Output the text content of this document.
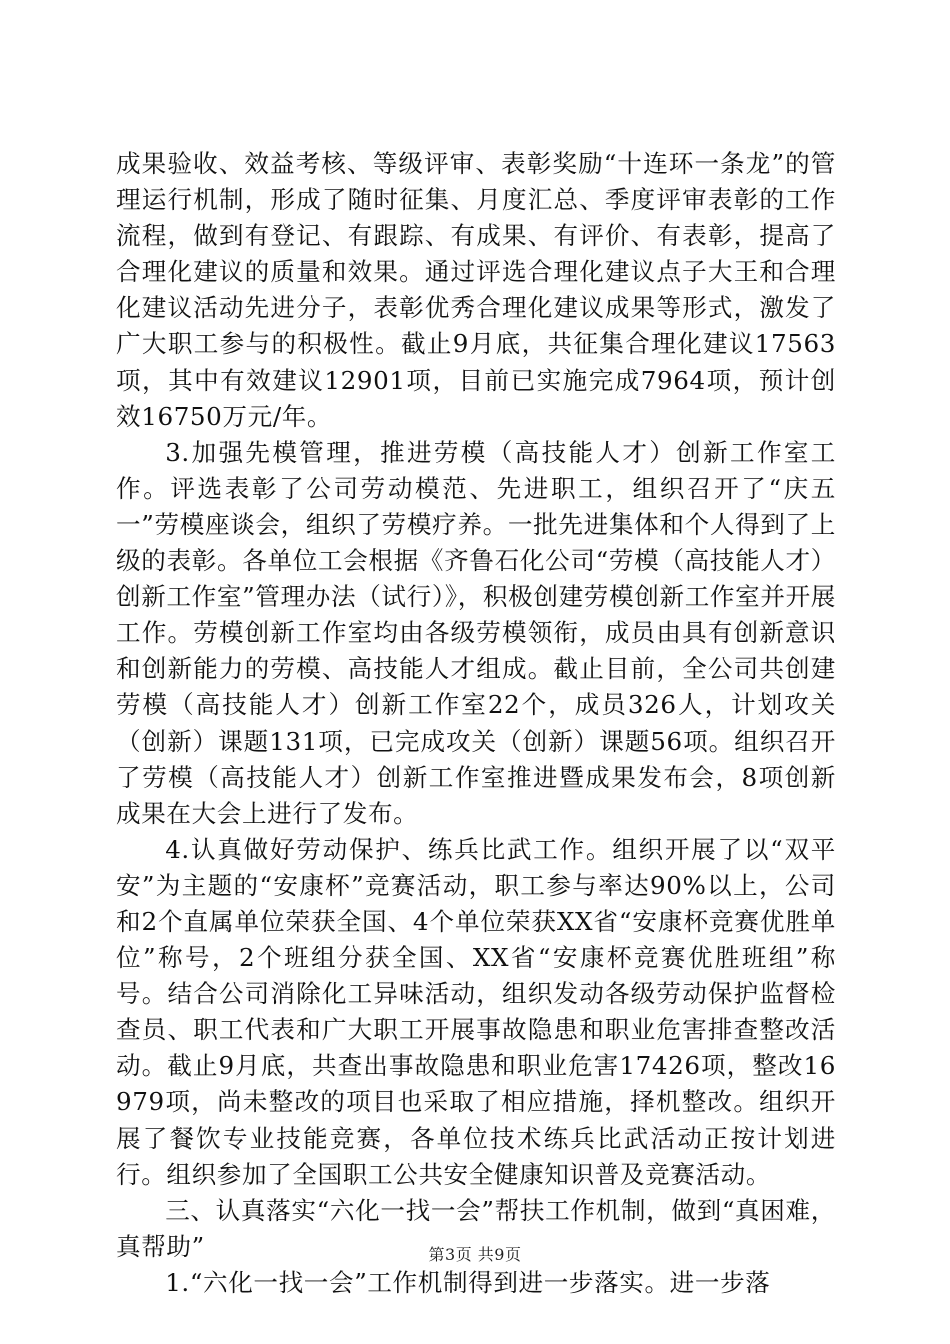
成果验收、效益考核、等级评审、表彰奖励“十连环一条龙”的管理运行机制，形成了随时征集、月度汇总、季度评审表彰的工作流程，做到有登记、有跟踪、有成果、有评价、有表彰，提高了合理化建议的质量和效果。通过评选合理化建议点子大王和合理化建议活动先进分子，表彰优秀合理化建议成果等形式，激发了广大职工参与的积极性。截止9月底，共征集合理化建议17563项，其中有效建议12901项，目前已实施完成7964项，预计创效16750万元/年。

3.加强先模管理，推进劳模（高技能人才）创新工作室工作。评选表彰了公司劳动模范、先进职工，组织召开了“庆五一”劳模座谈会，组织了劳模疗养。一批先进集体和个人得到了上级的表彰。各单位工会根据《齐鲁石化公司“劳模（高技能人才）创新工作室”管理办法（试行）》，积极创建劳模创新工作室并开展工作。劳模创新工作室均由各级劳模领衔，成员由具有创新意识和创新能力的劳模、高技能人才组成。截止目前，全公司共创建劳模（高技能人才）创新工作室22个，成员326人，计划攻关（创新）课题131项，已完成攻关（创新）课题56项。组织召开了劳模（高技能人才）创新工作室推进暨成果发布会，8项创新成果在大会上进行了发布。

4.认真做好劳动保护、练兵比武工作。组织开展了以“双平安”为主题的“安康杯”竞赛活动，职工参与率达90%以上，公司和2个直属单位荣获全国、4个单位荣获XX省“安康杯竞赛优胜单位”称号，2个班组分获全国、XX省“安康杯竞赛优胜班组”称号。结合公司消除化工异味活动，组织发动各级劳动保护监督检查员、职工代表和广大职工开展事故隐患和职业危害排查整改活动。截止9月底，共查出事故隐患和职业危害17426项，整改16979项，尚未整改的项目也采取了相应措施，择机整改。组织开展了餐饮专业技能竞赛，各单位技术练兵比武活动正按计划进行。组织参加了全国职工公共安全健康知识普及竞赛活动。

三、认真落实“六化一找一会”帮扶工作机制，做到“真困难，真帮助”

1.“六化一找一会”工作机制得到进一步落实。进一步落

第3页 共9页
